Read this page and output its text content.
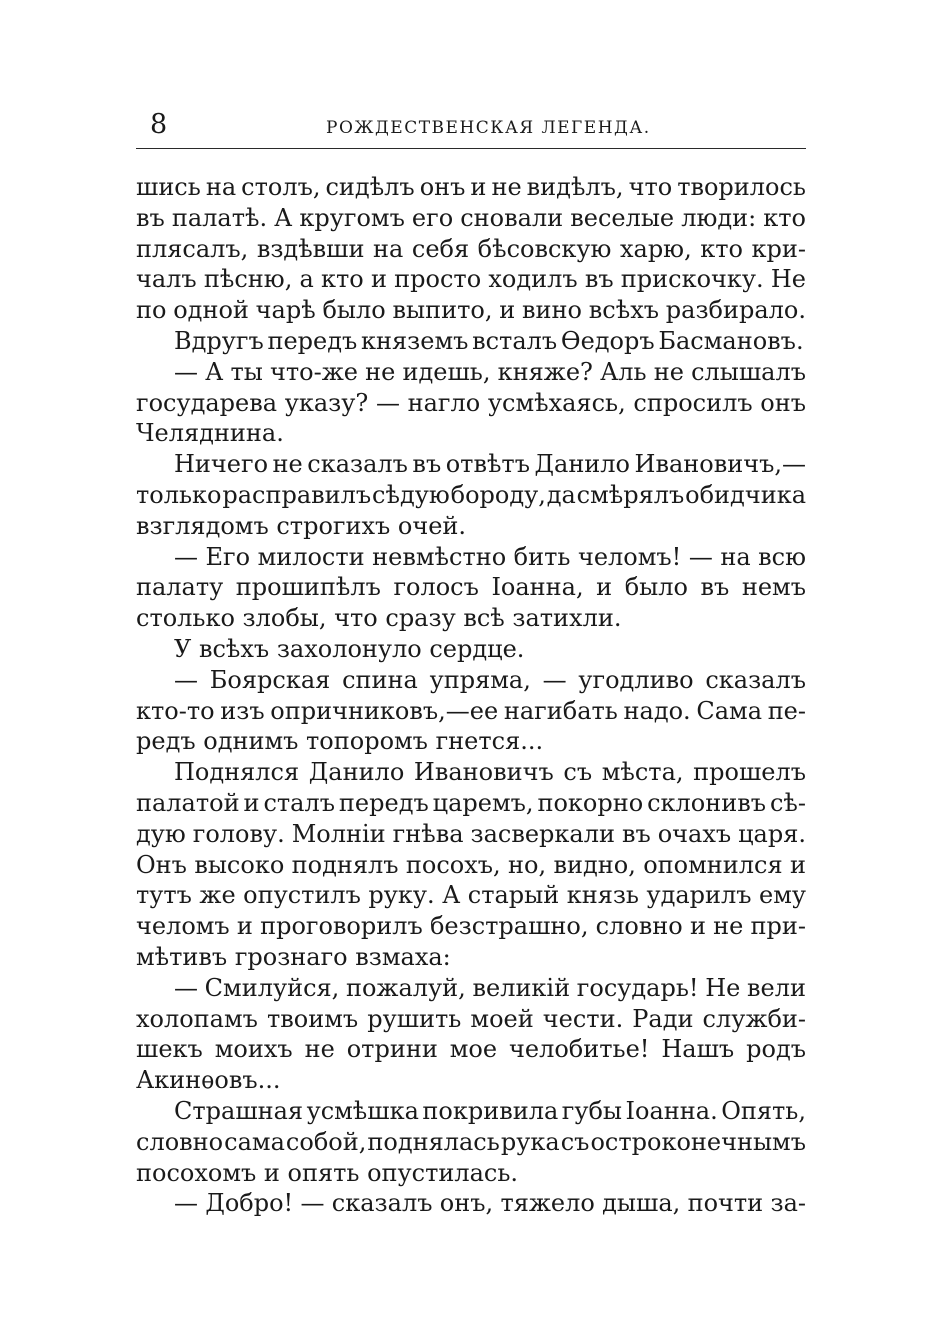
8	РОЖДЕСТВЕНСКАЯ ЛЕГЕНДА.
шись на столъ, сидѣлъ онъ и не видѣлъ, что творилось
въ палатѣ. А кругомъ его сновали веселые люди: кто
плясалъ, вздѣвши на себя бѣсовскую харю, кто кри-
чалъ пѣсню, а кто и просто ходилъ въ прискочку. Не
по одной чарѣ было выпито, и вино всѣхъ разбирало.
Вдругъ передъ княземъ всталъ Өедоръ Басмановъ.
— А ты что-же не идешь, княже? Аль не слышалъ
государева указу? — нагло усмѣхаясь, спросилъ онъ
Челяднина.
Ничего не сказалъ въ отвѣтъ Данило Ивановичъ,—
только расправилъ сѣдую бороду, да смѣрялъ обидчика
взглядомъ строгихъ очей.
— Его милости невмѣстно бить челомъ! — на всю
палату прошипѣлъ голосъ Іоанна, и было въ немъ
столько злобы, что сразу всѣ затихли.
У всѣхъ захолонуло сердце.
— Боярская спина упряма, — угодливо сказалъ
кто-то изъ опричниковъ,—ее нагибать надо. Сама пе-
редъ однимъ топоромъ гнется...
Поднялся Данило Ивановичъ съ мѣста, прошелъ
палатой и сталъ передъ царемъ, покорно склонивъ сѣ-
дую голову. Молніи гнѣва засверкали въ очахъ царя.
Онъ высоко поднялъ посохъ, но, видно, опомнился и
тутъ же опустилъ руку. А старый князь ударилъ ему
челомъ и проговорилъ безстрашно, словно и не при-
мѣтивъ грознаго взмаха:
— Смилуйся, пожалуй, великій государь! Не вели
холопамъ твоимъ рушить моей чести. Ради служби-
шекъ моихъ не отрини мое челобитье! Нашъ родъ
Акинѳовъ...
Страшная усмѣшка покривила губы Іоанна. Опять,
словно сама собой, поднялась рука съ остроконечнымъ
посохомъ и опять опустилась.
— Добро! — сказалъ онъ, тяжело дыша, почти за-
